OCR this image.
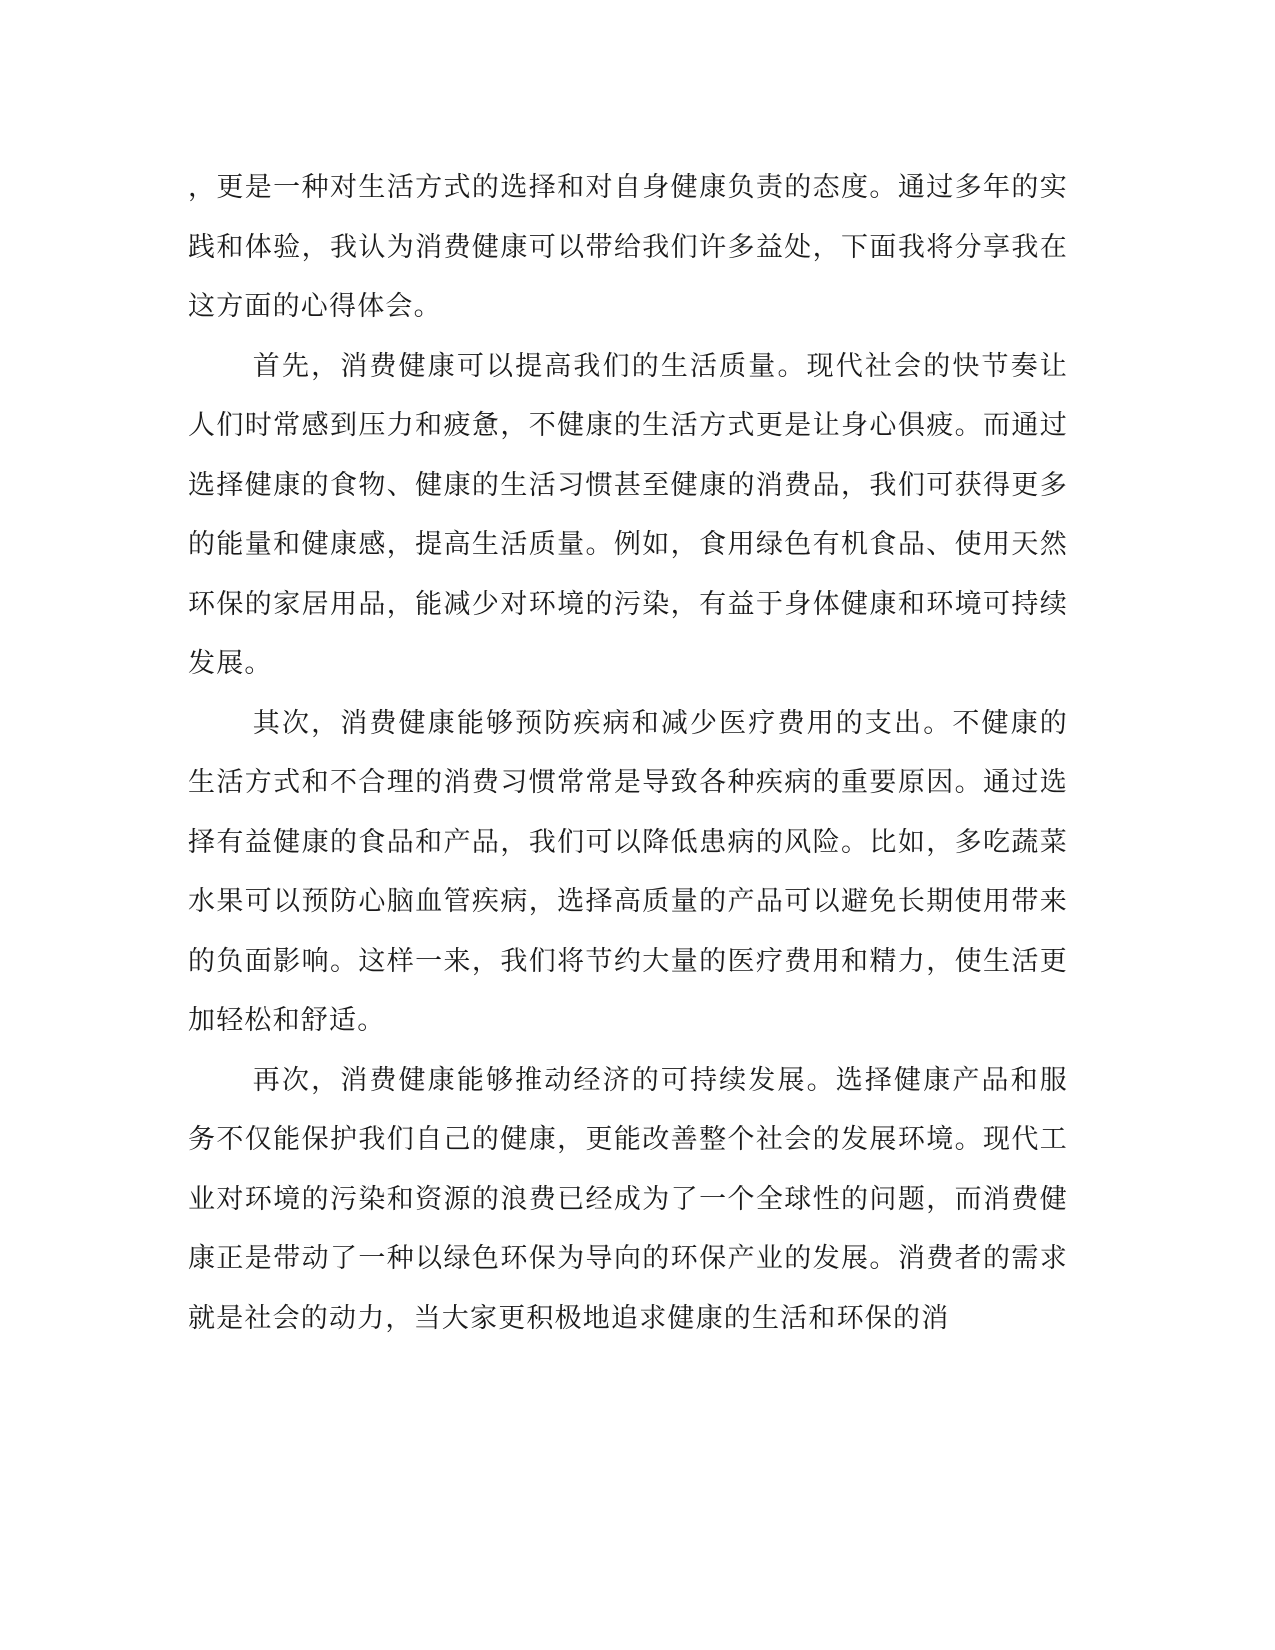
，更是一种对生活方式的选择和对自身健康负责的态度。通过多年的实践和体验，我认为消费健康可以带给我们许多益处，下面我将分享我在这方面的心得体会。

首先，消费健康可以提高我们的生活质量。现代社会的快节奏让人们时常感到压力和疲惫，不健康的生活方式更是让身心俱疲。而通过选择健康的食物、健康的生活习惯甚至健康的消费品，我们可获得更多的能量和健康感，提高生活质量。例如，食用绿色有机食品、使用天然环保的家居用品，能减少对环境的污染，有益于身体健康和环境可持续发展。

其次，消费健康能够预防疾病和减少医疗费用的支出。不健康的生活方式和不合理的消费习惯常常是导致各种疾病的重要原因。通过选择有益健康的食品和产品，我们可以降低患病的风险。比如，多吃蔬菜水果可以预防心脑血管疾病，选择高质量的产品可以避免长期使用带来的负面影响。这样一来，我们将节约大量的医疗费用和精力，使生活更加轻松和舒适。

再次，消费健康能够推动经济的可持续发展。选择健康产品和服务不仅能保护我们自己的健康，更能改善整个社会的发展环境。现代工业对环境的污染和资源的浪费已经成为了一个全球性的问题，而消费健康正是带动了一种以绿色环保为导向的环保产业的发展。消费者的需求就是社会的动力，当大家更积极地追求健康的生活和环保的消
